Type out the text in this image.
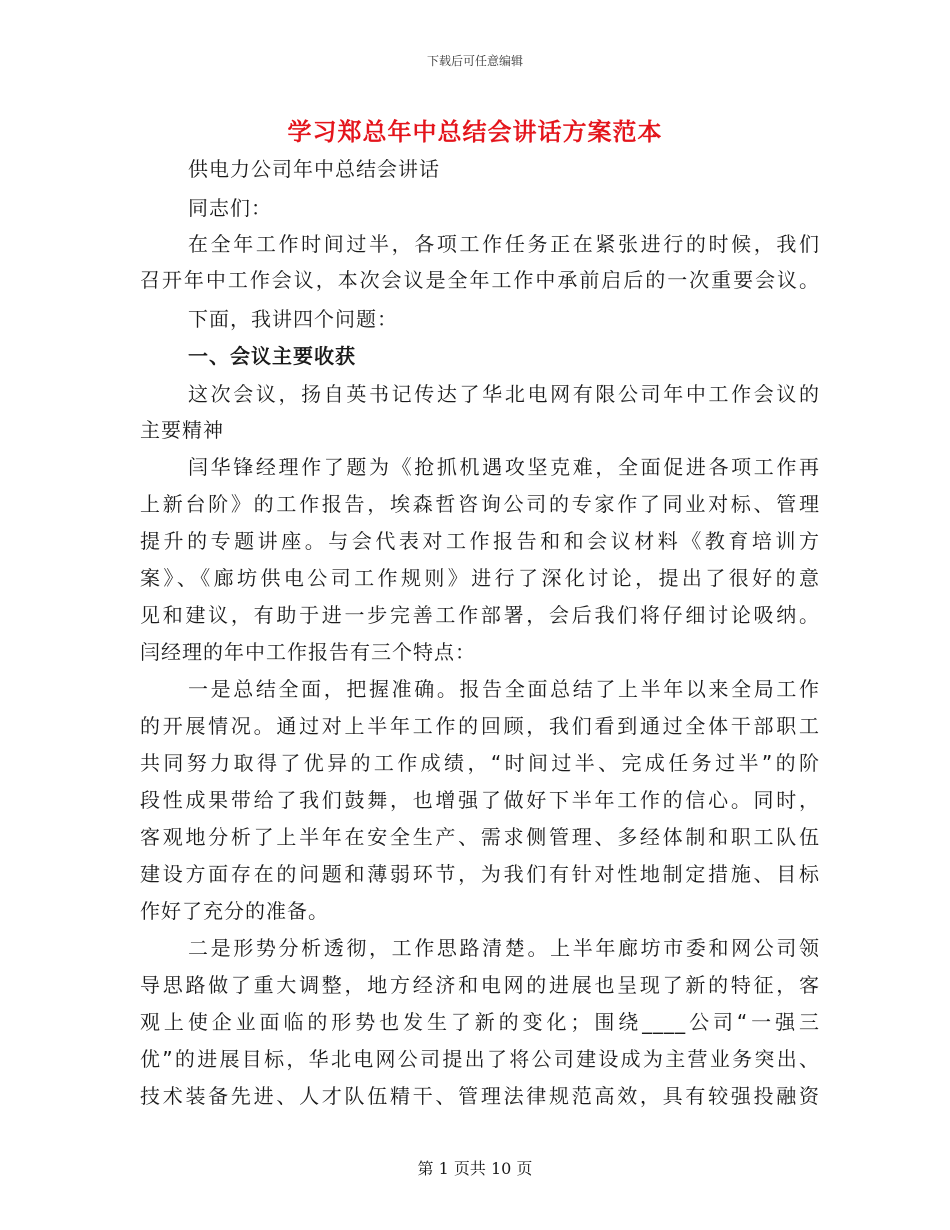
下载后可任意编辑
学习郑总年中总结会讲话方案范本
供电力公司年中总结会讲话
同志们：
在全年工作时间过半，各项工作任务正在紧张进行的时候，我们
召开年中工作会议，本次会议是全年工作中承前启后的一次重要会议。
下面，我讲四个问题：
一、会议主要收获
这次会议，扬自英书记传达了华北电网有限公司年中工作会议的
主要精神
闫华锋经理作了题为《抢抓机遇攻坚克难，全面促进各项工作再
上新台阶》的工作报告，埃森哲咨询公司的专家作了同业对标、管理
提升的专题讲座。与会代表对工作报告和和会议材料《教育培训方
案》、《廊坊供电公司工作规则》进行了深化讨论，提出了很好的意
见和建议，有助于进一步完善工作部署，会后我们将仔细讨论吸纳。
闫经理的年中工作报告有三个特点：
一是总结全面，把握准确。报告全面总结了上半年以来全局工作
的开展情况。通过对上半年工作的回顾，我们看到通过全体干部职工
共同努力取得了优异的工作成绩，“时间过半、完成任务过半”的阶
段性成果带给了我们鼓舞，也增强了做好下半年工作的信心。同时，
客观地分析了上半年在安全生产、需求侧管理、多经体制和职工队伍
建设方面存在的问题和薄弱环节，为我们有针对性地制定措施、目标
作好了充分的准备。
二是形势分析透彻，工作思路清楚。上半年廊坊市委和网公司领
导思路做了重大调整，地方经济和电网的进展也呈现了新的特征，客
观上使企业面临的形势也发生了新的变化；围绕____公司“一强三
优”的进展目标，华北电网公司提出了将公司建设成为主营业务突出、
技术装备先进、人才队伍精干、管理法律规范高效，具有较强投融资
第 1 页共 10 页
